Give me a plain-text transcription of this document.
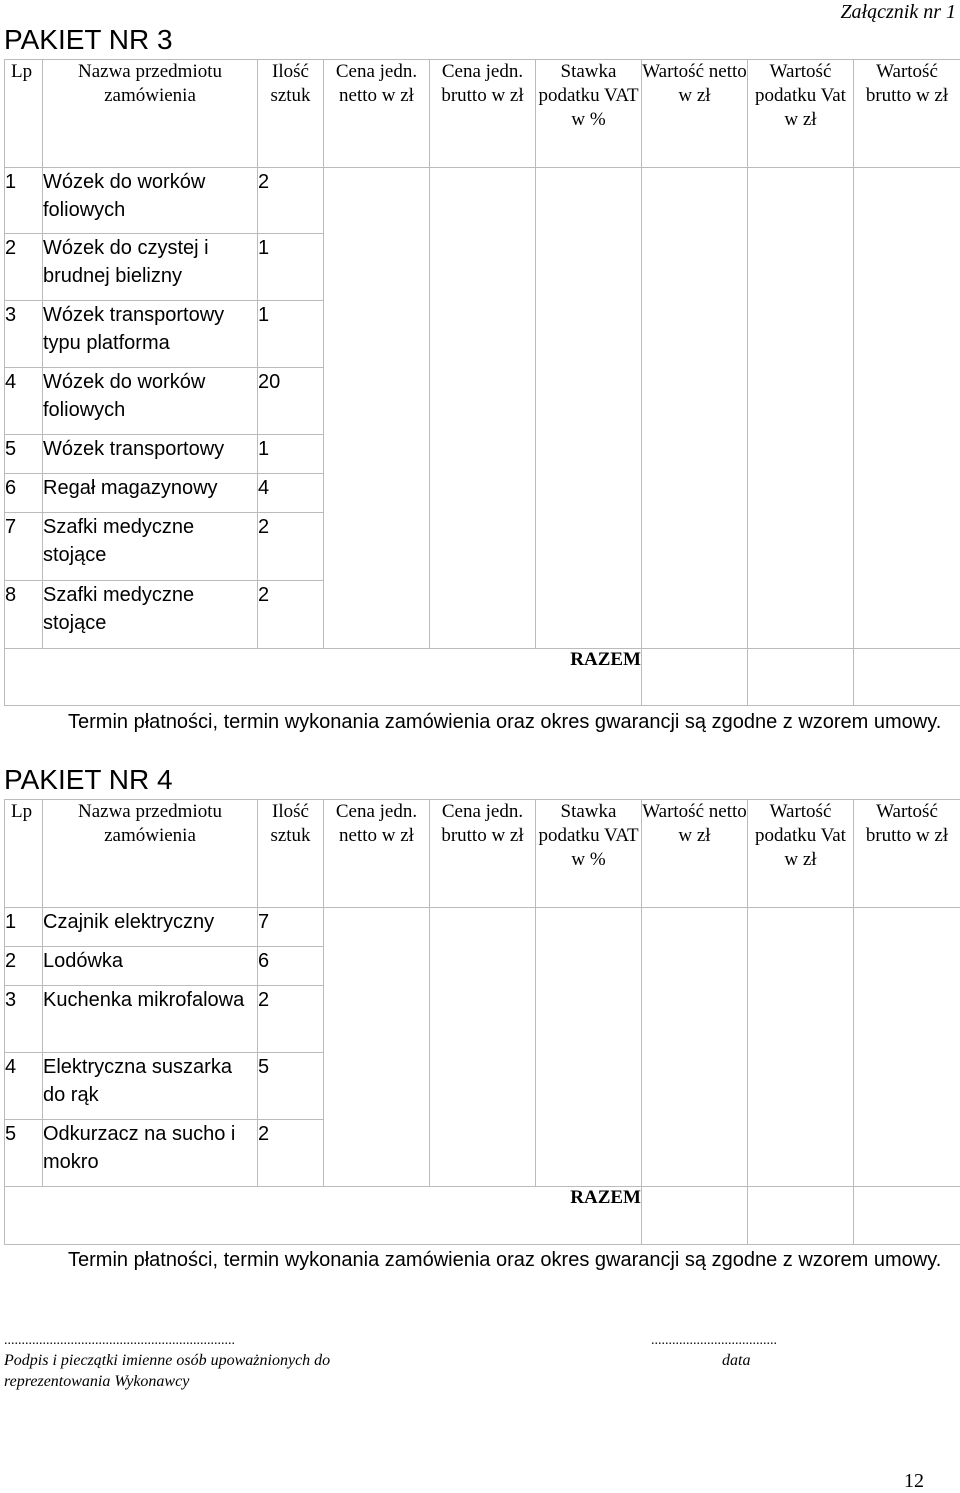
Załącznik nr 1
PAKIET NR 3
Lp	Nazwa przedmiotu zamówienia	Ilość sztuk	Cena jedn. netto w zł	Cena jedn. brutto w zł	Stawka podatku VAT w %	Wartość netto w zł	Wartość podatku Vat w zł	Wartość brutto w zł
1	Wózek do worków foliowych	2						
2	Wózek do czystej i brudnej bielizny	1						
3	Wózek transportowy typu platforma	1						
4	Wózek do worków foliowych	20						
5	Wózek transportowy	1						
6	Regał magazynowy	4						
7	Szafki medyczne stojące	2						
8	Szafki medyczne stojące	2						
RAZEM								
Termin płatności, termin wykonania zamówienia oraz okres gwarancji są zgodne z wzorem umowy.
PAKIET NR 4
Lp	Nazwa przedmiotu zamówienia	Ilość sztuk	Cena jedn. netto w zł	Cena jedn. brutto w zł	Stawka podatku VAT w %	Wartość netto w zł	Wartość podatku Vat w zł	Wartość brutto w zł
1	Czajnik elektryczny	7						
2	Lodówka	6						
3	Kuchenka mikrofalowa	2						
4	Elektryczna suszarka do rąk	5						
5	Odkurzacz na sucho i mokro	2						
RAZEM								
Termin płatności, termin wykonania zamówienia oraz okres gwarancji są zgodne z wzorem umowy.
..................................................................
Podpis i pieczątki imienne osób upoważnionych do reprezentowania Wykonawcy
....................................
data
12
